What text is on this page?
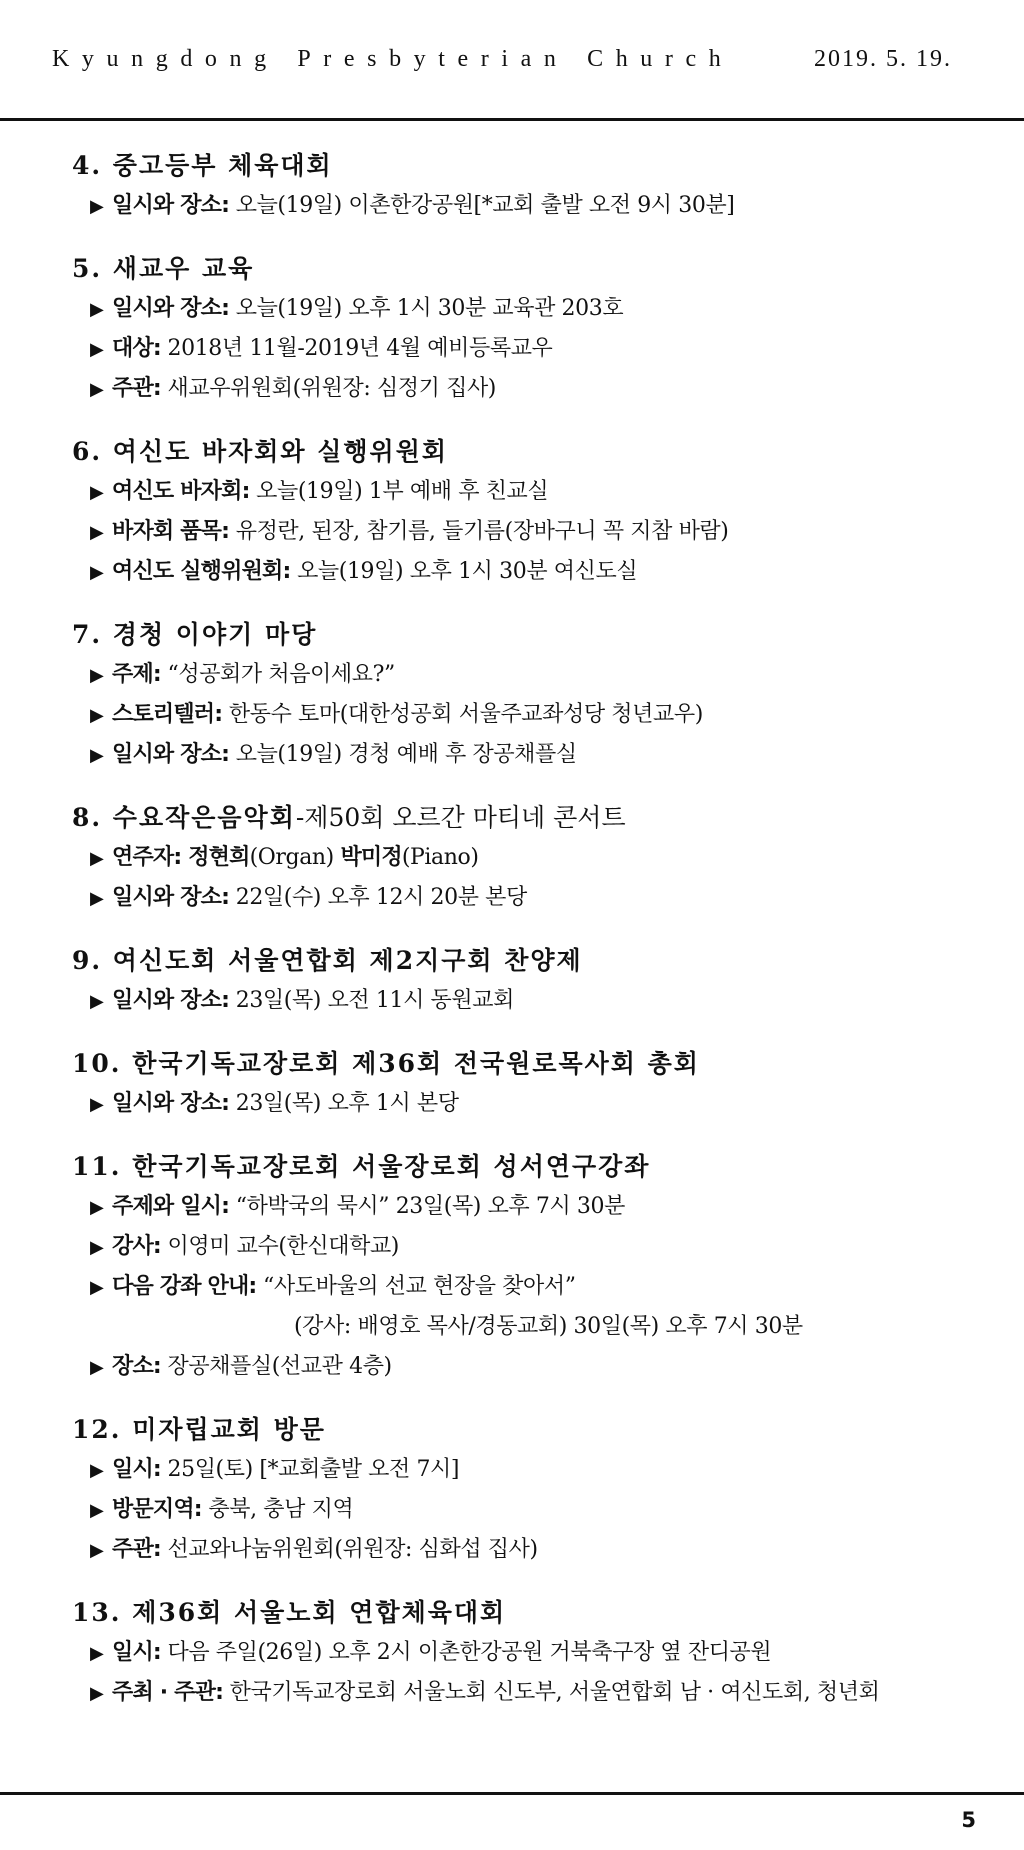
Kyungdong Presbyterian Church	2019. 5. 19.
4. 중고등부 체육대회
▶ 일시와 장소: 오늘(19일) 이촌한강공원[*교회 출발 오전 9시 30분]
5. 새교우 교육
▶ 일시와 장소: 오늘(19일) 오후 1시 30분 교육관 203호
▶ 대상: 2018년 11월-2019년 4월 예비등록교우
▶ 주관: 새교우위원회(위원장: 심정기 집사)
6. 여신도 바자회와 실행위원회
▶ 여신도 바자회: 오늘(19일) 1부 예배 후 친교실
▶ 바자회 품목: 유정란, 된장, 참기름, 들기름(장바구니 꼭 지참 바람)
▶ 여신도 실행위원회: 오늘(19일) 오후 1시 30분 여신도실
7. 경청 이야기 마당
▶ 주제: “성공회가 처음이세요?”
▶ 스토리텔러: 한동수 토마(대한성공회 서울주교좌성당 청년교우)
▶ 일시와 장소: 오늘(19일) 경청 예배 후 장공채플실
8. 수요작은음악회-제50회 오르간 마티네 콘서트
▶ 연주자: 정현희(Organ) 박미정(Piano)
▶ 일시와 장소: 22일(수) 오후 12시 20분 본당
9. 여신도회 서울연합회 제2지구회 찬양제
▶ 일시와 장소: 23일(목) 오전 11시 동원교회
10. 한국기독교장로회 제36회 전국원로목사회 총회
▶ 일시와 장소: 23일(목) 오후 1시 본당
11. 한국기독교장로회 서울장로회 성서연구강좌
▶ 주제와 일시: “하박국의 묵시” 23일(목) 오후 7시 30분
▶ 강사: 이영미 교수(한신대학교)
▶ 다음 강좌 안내: “사도바울의 선교 현장을 찾아서”
(강사: 배영호 목사/경동교회) 30일(목) 오후 7시 30분
▶ 장소: 장공채플실(선교관 4층)
12. 미자립교회 방문
▶ 일시: 25일(토) [*교회출발 오전 7시]
▶ 방문지역: 충북, 충남 지역
▶ 주관: 선교와나눔위원회(위원장: 심화섭 집사)
13. 제36회 서울노회 연합체육대회
▶ 일시: 다음 주일(26일) 오후 2시 이촌한강공원 거북축구장 옆 잔디공원
▶ 주최 · 주관: 한국기독교장로회 서울노회 신도부, 서울연합회 남 · 여신도회, 청년회
5
